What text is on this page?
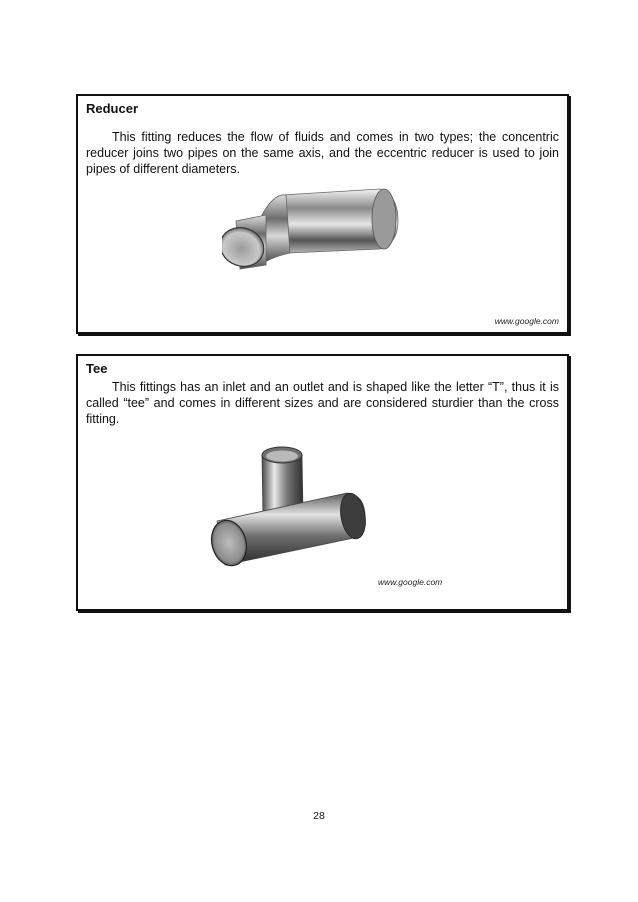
Reducer

This fitting reduces the flow of fluids and comes in two types; the concentric reducer joins two pipes on the same axis, and the eccentric reducer is used to join pipes of different diameters.

www.google.com
Tee

This fittings has an inlet and an outlet and is shaped like the letter “T”, thus it is called “tee” and comes in different sizes and are considered sturdier than the cross fitting.

www.google.com
28
